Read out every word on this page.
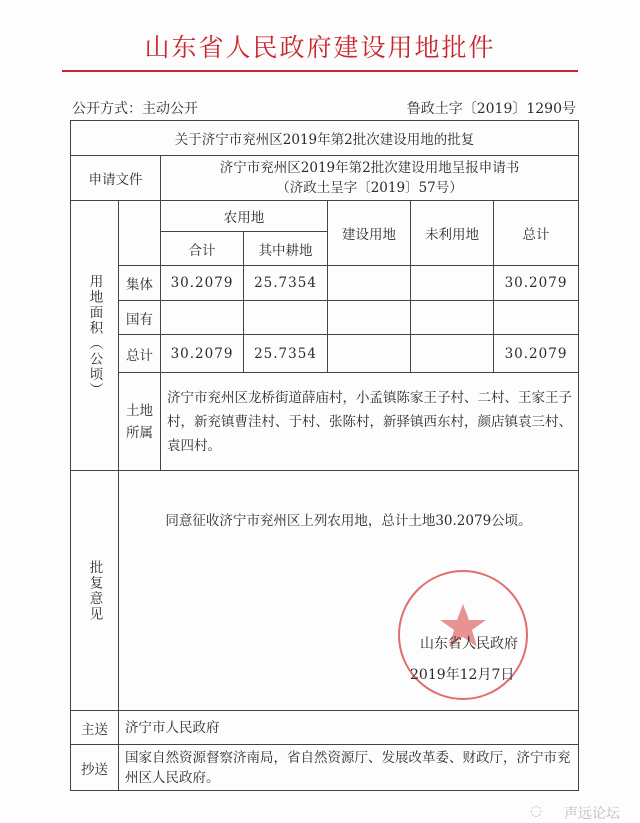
山东省人民政府建设用地批件
公开方式：主动公开	鲁政土字〔2019〕1290号
关于济宁市兖州区2019年第2批次建设用地的批复						
申请文件		济宁市兖州区2019年第2批次建设用地呈报申请书
（济政土呈字〔2019〕57号）				

用地面积（公顷）		农用地		建设用地	未利用地	总计
		合计	其中耕地			
	集体	30.2079	25.7354			30.2079
	国有					
	总计	30.2079	25.7354			30.2079

	土地所属	济宁市兖州区龙桥街道薛庙村，小孟镇陈家王子村、二村、王家王子村，新兖镇曹洼村、于村、张陈村，新驿镇西东村，颜店镇袁三村、袁四村。				

批复意见	同意征收济宁市兖州区上列农用地，总计土地30.2079公顷。					
主送	济宁市人民政府					
抄送	国家自然资源督察济南局，省自然资源厅、发展改革委、财政厅，济宁市兖州区人民政府。					
山东省人民政府
2019年12月7日
◌ 声远论坛
